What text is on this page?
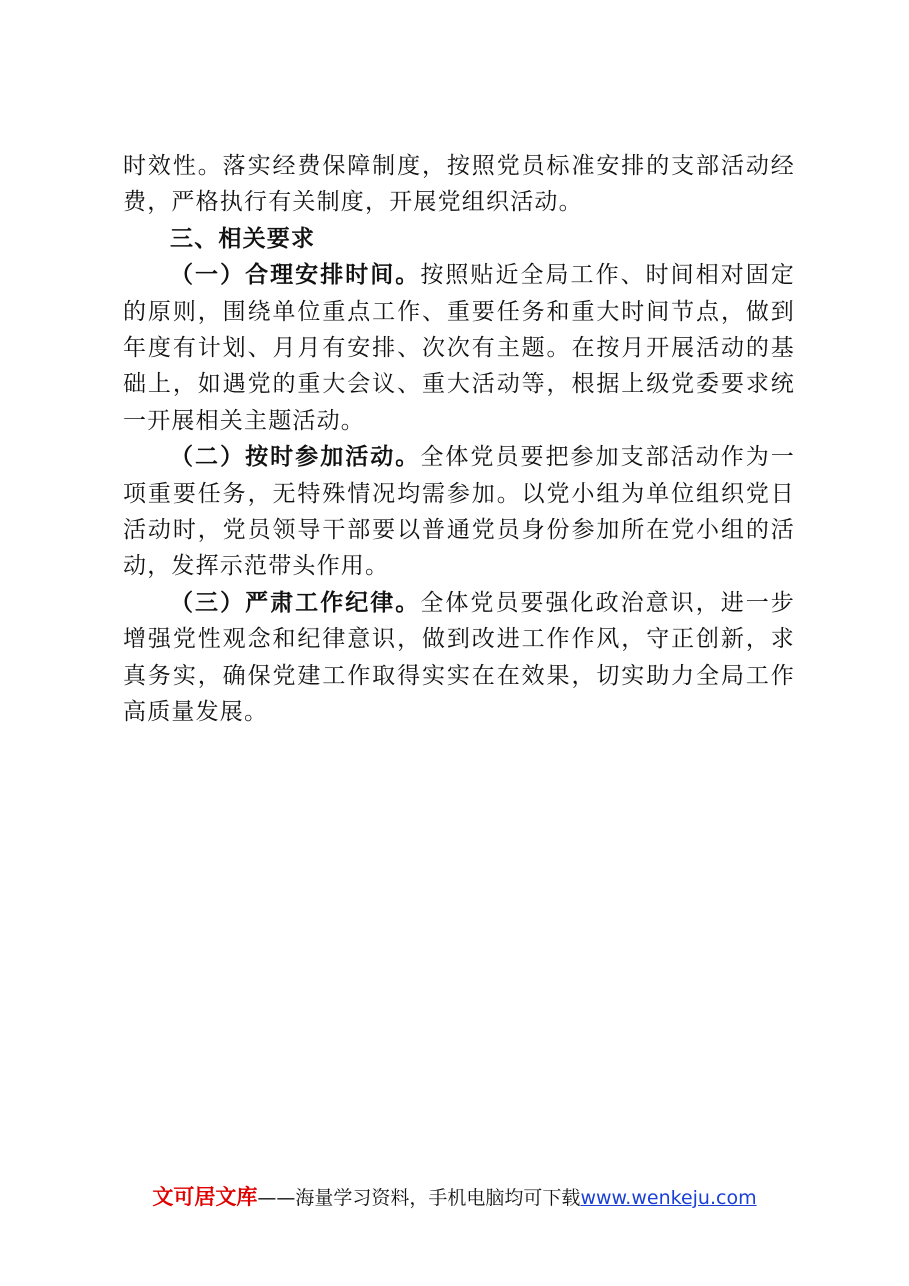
时效性。落实经费保障制度，按照党员标准安排的支部活动经费，严格执行有关制度，开展党组织活动。

三、相关要求

（一）合理安排时间。按照贴近全局工作、时间相对固定的原则，围绕单位重点工作、重要任务和重大时间节点，做到年度有计划、月月有安排、次次有主题。在按月开展活动的基础上，如遇党的重大会议、重大活动等，根据上级党委要求统一开展相关主题活动。

（二）按时参加活动。全体党员要把参加支部活动作为一项重要任务，无特殊情况均需参加。以党小组为单位组织党日活动时，党员领导干部要以普通党员身份参加所在党小组的活动，发挥示范带头作用。

（三）严肃工作纪律。全体党员要强化政治意识，进一步增强党性观念和纪律意识，做到改进工作作风，守正创新，求真务实，确保党建工作取得实实在在效果，切实助力全局工作高质量发展。

文可居文库——海量学习资料，手机电脑均可下载www.wenkeju.com
